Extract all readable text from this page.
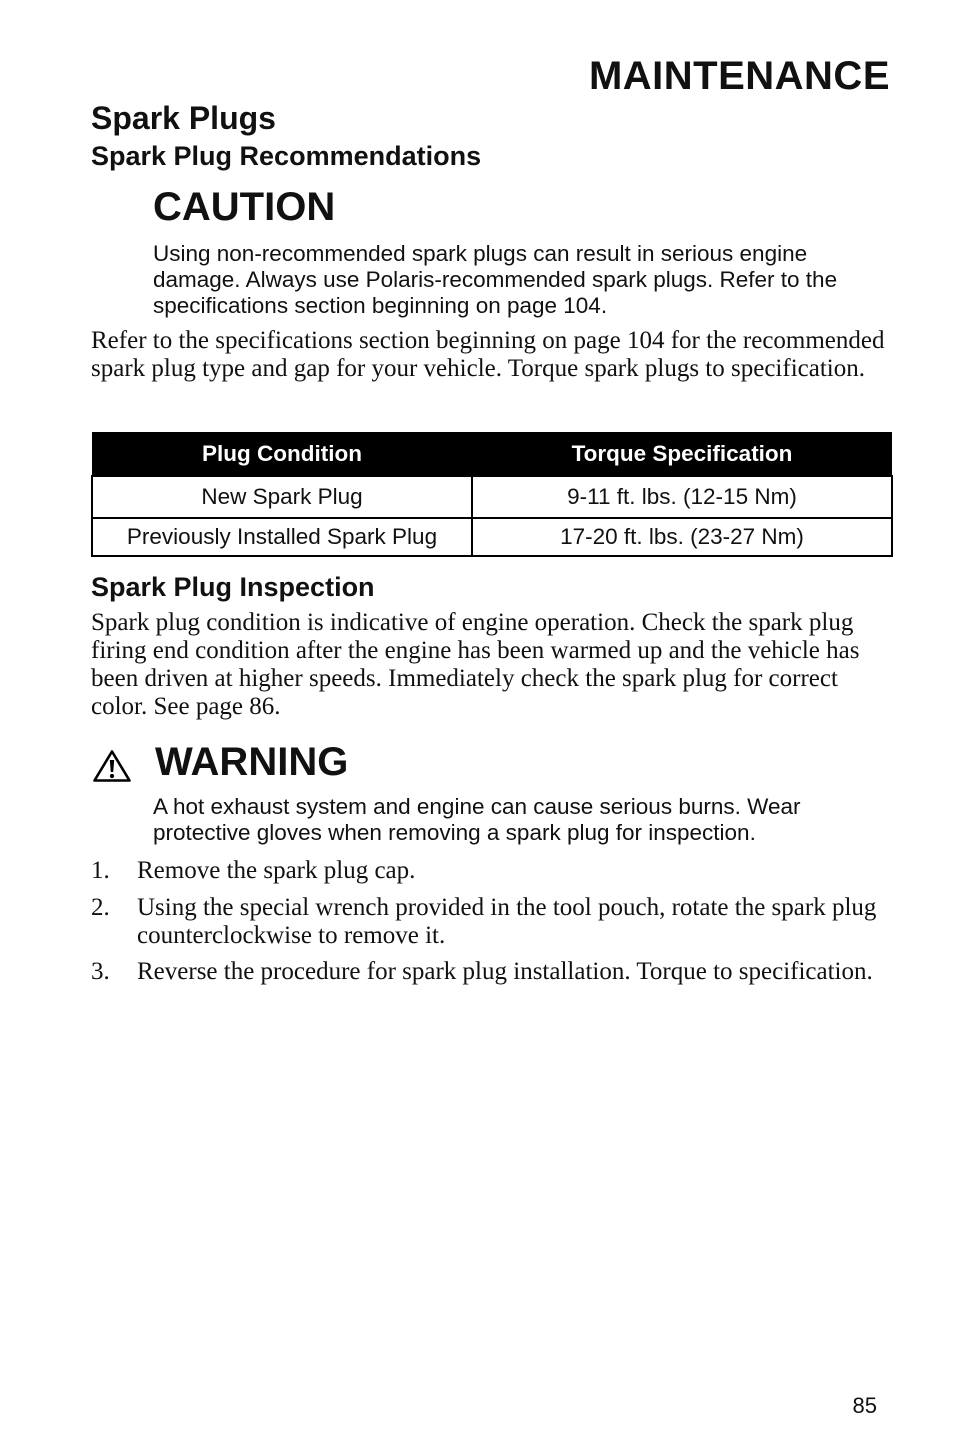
MAINTENANCE
Spark Plugs
Spark Plug Recommendations
CAUTION
Using non-recommended spark plugs can result in serious engine damage. Always use Polaris-recommended spark plugs. Refer to the specifications section beginning on page 104.
Refer to the specifications section beginning on page 104 for the recommended spark plug type and gap for your vehicle. Torque spark plugs to specification.
Plug Condition	Torque Specification
New Spark Plug	9-11 ft. lbs. (12-15 Nm)
Previously Installed Spark Plug	17-20 ft. lbs. (23-27 Nm)
Spark Plug Inspection
Spark plug condition is indicative of engine operation. Check the spark plug firing end condition after the engine has been warmed up and the vehicle has been driven at higher speeds. Immediately check the spark plug for correct color. See page 86.
WARNING
A hot exhaust system and engine can cause serious burns. Wear protective gloves when removing a spark plug for inspection.
1. Remove the spark plug cap.
2. Using the special wrench provided in the tool pouch, rotate the spark plug counterclockwise to remove it.
3. Reverse the procedure for spark plug installation. Torque to specification.
85
